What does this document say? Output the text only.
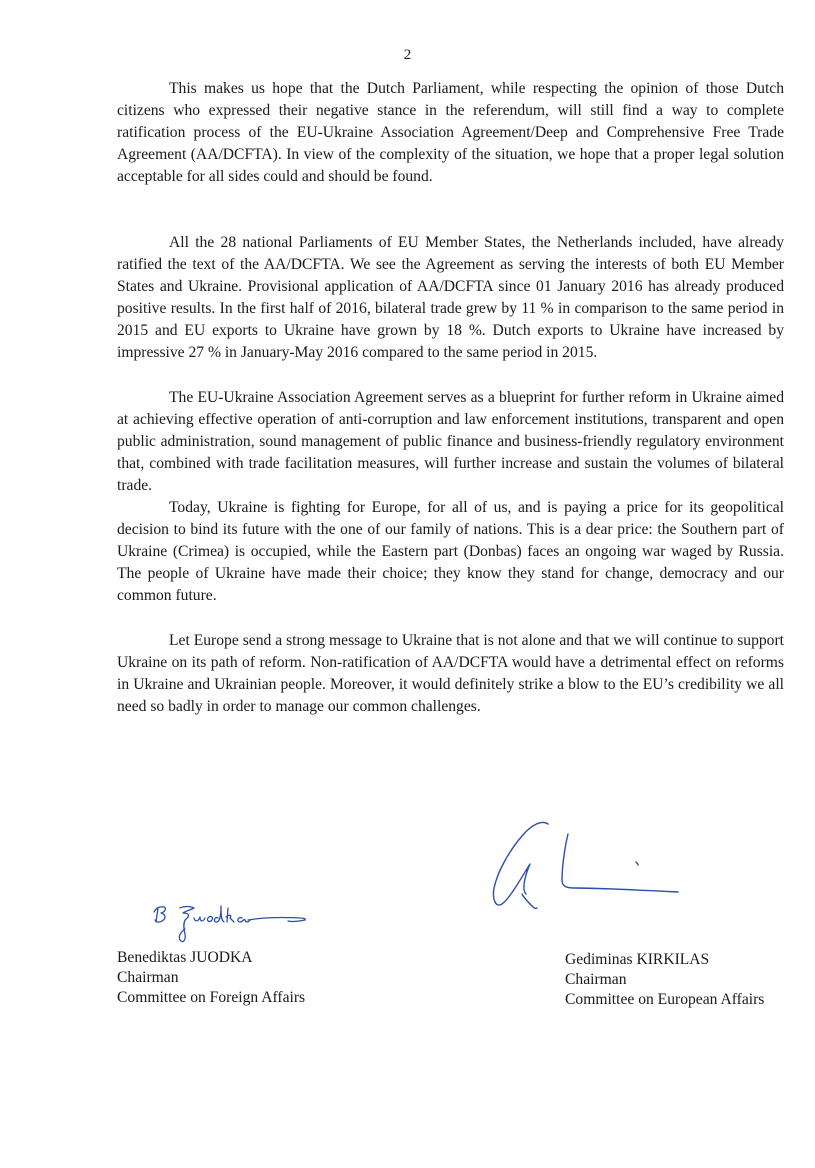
2

This makes us hope that the Dutch Parliament, while respecting the opinion of those Dutch citizens who expressed their negative stance in the referendum, will still find a way to complete ratification process of the EU-Ukraine Association Agreement/Deep and Comprehensive Free Trade Agreement (AA/DCFTA). In view of the complexity of the situation, we hope that a proper legal solution acceptable for all sides could and should be found.

All the 28 national Parliaments of EU Member States, the Netherlands included, have already ratified the text of the AA/DCFTA. We see the Agreement as serving the interests of both EU Member States and Ukraine. Provisional application of AA/DCFTA since 01 January 2016 has already produced positive results. In the first half of 2016, bilateral trade grew by 11 % in comparison to the same period in 2015 and EU exports to Ukraine have grown by 18 %. Dutch exports to Ukraine have increased by impressive 27 % in January-May 2016 compared to the same period in 2015.

The EU-Ukraine Association Agreement serves as a blueprint for further reform in Ukraine aimed at achieving effective operation of anti-corruption and law enforcement institutions, transparent and open public administration, sound management of public finance and business-friendly regulatory environment that, combined with trade facilitation measures, will further increase and sustain the volumes of bilateral trade.

Today, Ukraine is fighting for Europe, for all of us, and is paying a price for its geopolitical decision to bind its future with the one of our family of nations. This is a dear price: the Southern part of Ukraine (Crimea) is occupied, while the Eastern part (Donbas) faces an ongoing war waged by Russia. The people of Ukraine have made their choice; they know they stand for change, democracy and our common future.

Let Europe send a strong message to Ukraine that is not alone and that we will continue to support Ukraine on its path of reform. Non-ratification of AA/DCFTA would have a detrimental effect on reforms in Ukraine and Ukrainian people. Moreover, it would definitely strike a blow to the EU’s credibility we all need so badly in order to manage our common challenges.

Benediktas JUODKA
Chairman
Committee on Foreign Affairs
Gediminas KIRKILAS
Chairman
Committee on European Affairs
